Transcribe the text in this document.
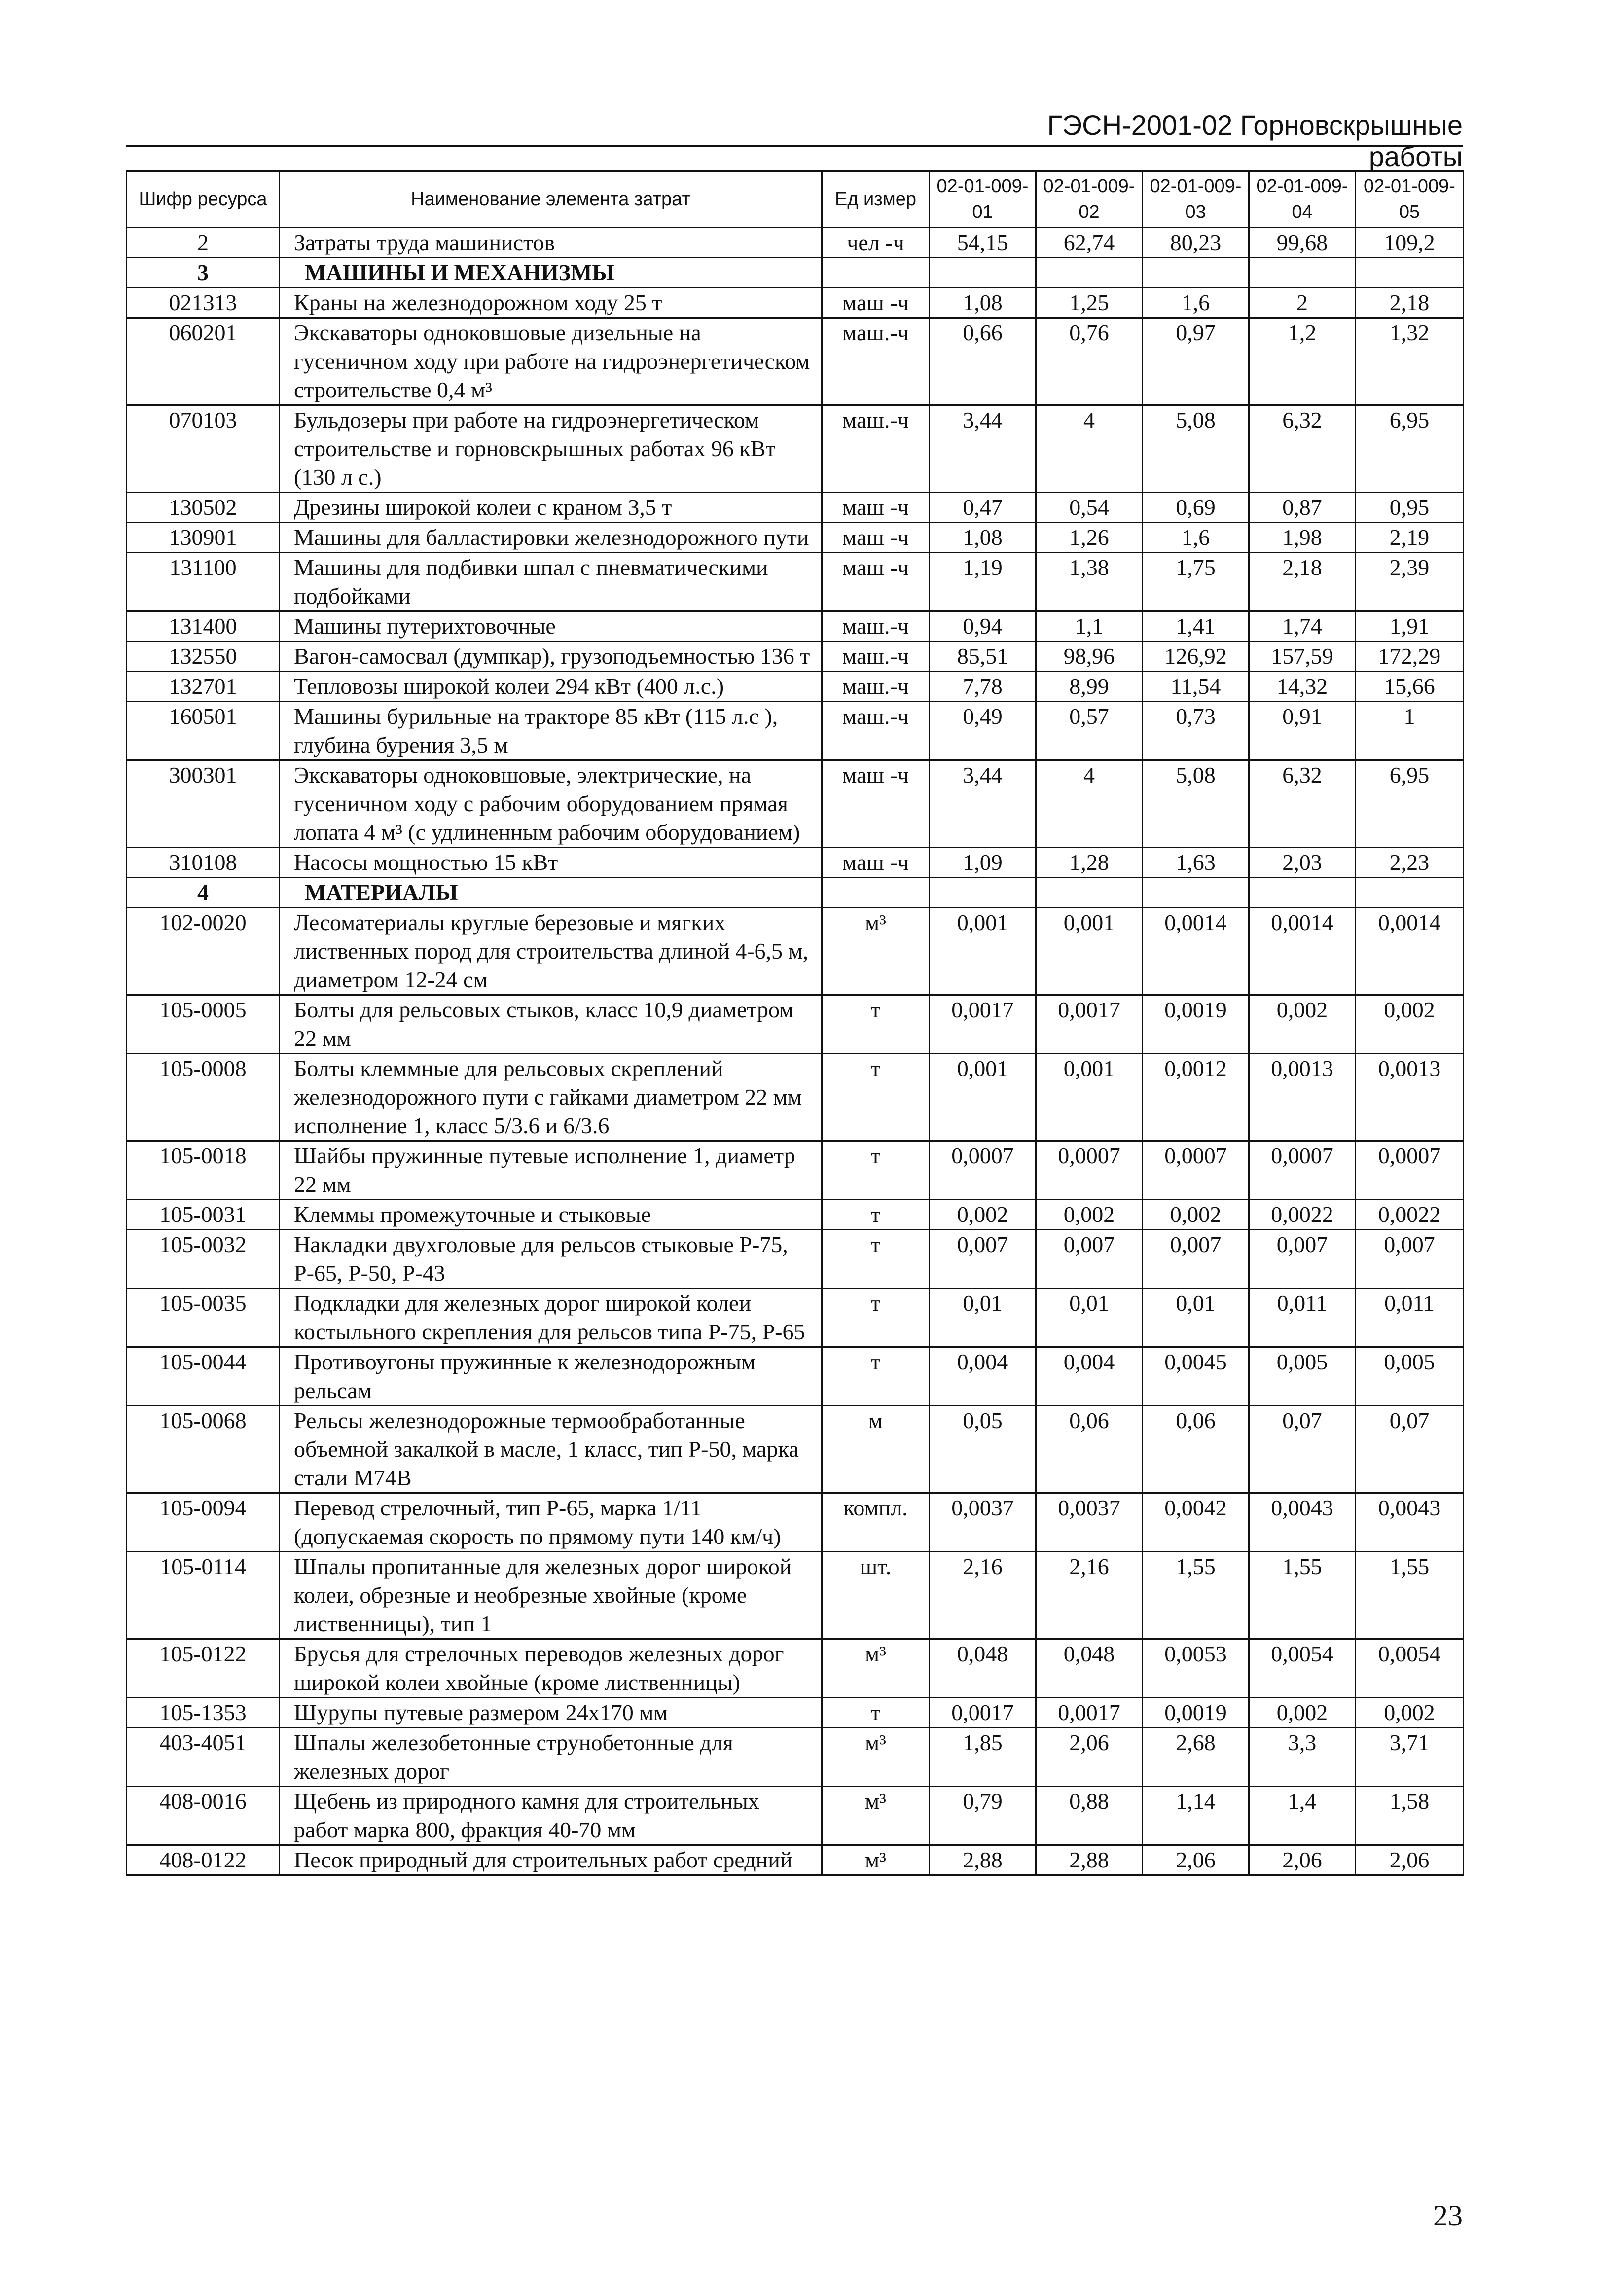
ГЭСН-2001-02 Горновскрышные работы
Шифр ресурса	Наименование элемента затрат	Ед измер	02-01-009-01	02-01-009-02	02-01-009-03	02-01-009-04	02-01-009-05
2	Затраты труда машинистов	чел -ч	54,15	62,74	80,23	99,68	109,2
3	МАШИНЫ И МЕХАНИЗМЫ						
021313	Краны на железнодорожном ходу 25 т	маш -ч	1,08	1,25	1,6	2	2,18
060201	Экскаваторы одноковшовые дизельные на гусеничном ходу при работе на гидроэнергетическом строительстве 0,4 м³	маш.-ч	0,66	0,76	0,97	1,2	1,32
070103	Бульдозеры при работе на гидроэнергетическом строительстве и горновскрышных работах 96 кВт (130 л с.)	маш.-ч	3,44	4	5,08	6,32	6,95
130502	Дрезины широкой колеи с краном 3,5 т	маш -ч	0,47	0,54	0,69	0,87	0,95
130901	Машины для балластировки железнодорожного пути	маш -ч	1,08	1,26	1,6	1,98	2,19
131100	Машины для подбивки шпал с пневматическими подбойками	маш -ч	1,19	1,38	1,75	2,18	2,39
131400	Машины путерихтовочные	маш.-ч	0,94	1,1	1,41	1,74	1,91
132550	Вагон-самосвал (думпкар), грузоподъемностью 136 т	маш.-ч	85,51	98,96	126,92	157,59	172,29
132701	Тепловозы широкой колеи 294 кВт (400 л.с.)	маш.-ч	7,78	8,99	11,54	14,32	15,66
160501	Машины бурильные на тракторе 85 кВт (115 л.с ), глубина бурения 3,5 м	маш.-ч	0,49	0,57	0,73	0,91	1
300301	Экскаваторы одноковшовые, электрические, на гусеничном ходу с рабочим оборудованием прямая лопата 4 м³ (с удлиненным рабочим оборудованием)	маш -ч	3,44	4	5,08	6,32	6,95
310108	Насосы мощностью 15 кВт	маш -ч	1,09	1,28	1,63	2,03	2,23
4	МАТЕРИАЛЫ						
102-0020	Лесоматериалы круглые березовые и мягких лиственных пород для строительства длиной 4-6,5 м, диаметром 12-24 см	м³	0,001	0,001	0,0014	0,0014	0,0014
105-0005	Болты для рельсовых стыков, класс 10,9 диаметром 22 мм	т	0,0017	0,0017	0,0019	0,002	0,002
105-0008	Болты клеммные для рельсовых скреплений железнодорожного пути с гайками диаметром 22 мм исполнение 1, класс 5/3.6 и 6/3.6	т	0,001	0,001	0,0012	0,0013	0,0013
105-0018	Шайбы пружинные путевые исполнение 1, диаметр 22 мм	т	0,0007	0,0007	0,0007	0,0007	0,0007
105-0031	Клеммы промежуточные и стыковые	т	0,002	0,002	0,002	0,0022	0,0022
105-0032	Накладки двухголовые для рельсов стыковые Р-75, Р-65, Р-50, Р-43	т	0,007	0,007	0,007	0,007	0,007
105-0035	Подкладки для железных дорог широкой колеи костыльного скрепления для рельсов типа Р-75, Р-65	т	0,01	0,01	0,01	0,011	0,011
105-0044	Противоугоны пружинные к железнодорожным рельсам	т	0,004	0,004	0,0045	0,005	0,005
105-0068	Рельсы железнодорожные термообработанные объемной закалкой в масле, 1 класс, тип Р-50, марка стали М74В	м	0,05	0,06	0,06	0,07	0,07
105-0094	Перевод стрелочный, тип Р-65, марка 1/11 (допускаемая скорость по прямому пути 140 км/ч)	компл.	0,0037	0,0037	0,0042	0,0043	0,0043
105-0114	Шпалы пропитанные для железных дорог широкой колеи, обрезные и необрезные хвойные (кроме лиственницы), тип 1	шт.	2,16	2,16	1,55	1,55	1,55
105-0122	Брусья для стрелочных переводов железных дорог широкой колеи хвойные (кроме лиственницы)	м³	0,048	0,048	0,0053	0,0054	0,0054
105-1353	Шурупы путевые размером 24х170 мм	т	0,0017	0,0017	0,0019	0,002	0,002
403-4051	Шпалы железобетонные струнобетонные для железных дорог	м³	1,85	2,06	2,68	3,3	3,71
408-0016	Щебень из природного камня для строительных работ марка 800, фракция 40-70 мм	м³	0,79	0,88	1,14	1,4	1,58
408-0122	Песок природный для строительных работ средний	м³	2,88	2,88	2,06	2,06	2,06
23
